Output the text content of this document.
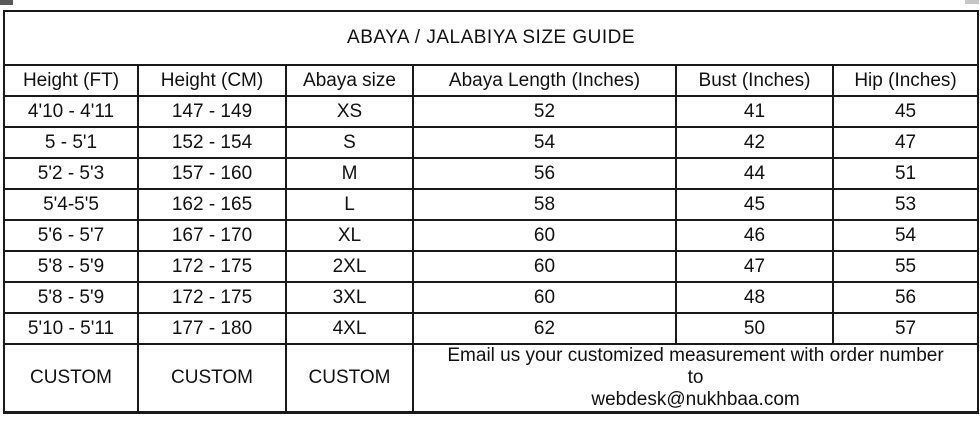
ABAYA / JALABIYA SIZE GUIDE					
Height (FT)	Height (CM)	Abaya size	Abaya Length (Inches)	Bust (Inches)	Hip (Inches)
4'10 - 4'11	147 - 149	XS	52	41	45
5 - 5'1	152 - 154	S	54	42	47
5'2 - 5'3	157 - 160	M	56	44	51
5'4-5'5	162 - 165	L	58	45	53
5'6 - 5'7	167 - 170	XL	60	46	54
5'8 - 5'9	172 - 175	2XL	60	47	55
5'8 - 5'9	172 - 175	3XL	60	48	56
5'10 - 5'11	177 - 180	4XL	62	50	57
CUSTOM	CUSTOM	CUSTOM	Email us your customized measurement with order number
to
webdesk@nukhbaa.com		
